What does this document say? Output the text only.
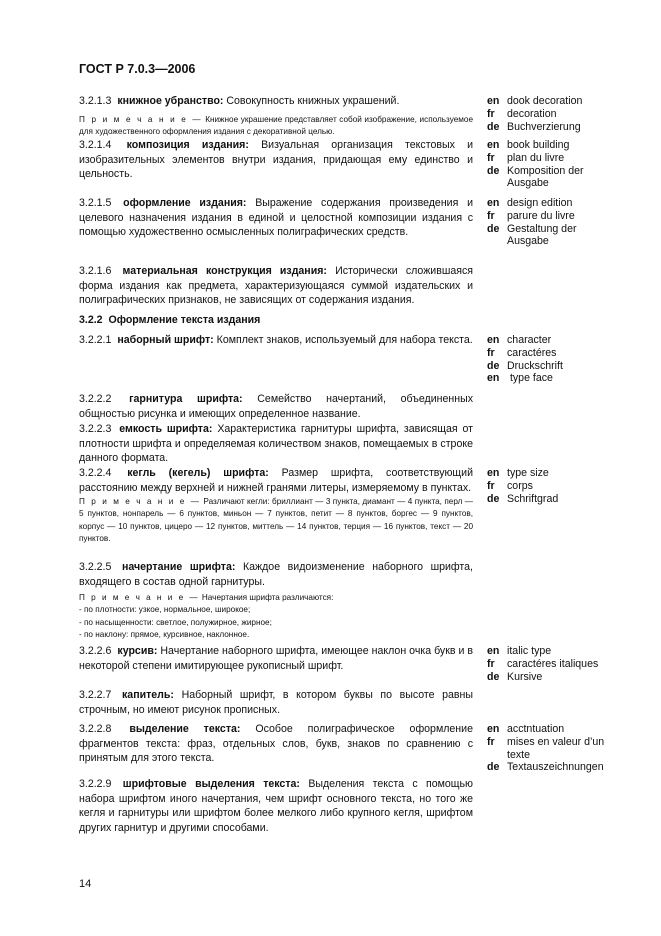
ГОСТ Р 7.0.3—2006
3.2.1.3 книжное убранство: Совокупность книжных украшений.
П р и м е ч а н и е — Книжное украшение представляет собой изображение, используемое для художественного оформления издания с декоративной целью.
3.2.1.4 композиция издания: Визуальная организация текстовых и изобразительных элементов внутри издания, придающая ему единство и цельность.
3.2.1.5 оформление издания: Выражение содержания произведения и целевого назначения издания в единой и целостной композиции издания с помощью художественно осмысленных полиграфических средств.
3.2.1.6 материальная конструкция издания: Исторически сложившаяся форма издания как предмета, характеризующаяся суммой издательских и полиграфических признаков, не зависящих от содержания издания.
3.2.2 Оформление текста издания
3.2.2.1 наборный шрифт: Комплект знаков, используемый для набора текста.
3.2.2.2 гарнитура шрифта: Семейство начертаний, объединенных общностью рисунка и имеющих определенное название.
3.2.2.3 емкость шрифта: Характеристика гарнитуры шрифта, зависящая от плотности шрифта и определяемая количеством знаков, помещаемых в строке данного формата.
3.2.2.4 кегль (кегель) шрифта: Размер шрифта, соответствующий расстоянию между верхней и нижней гранями литеры, измеряемому в пунктах.
П р и м е ч а н и е — Различают кегли: бриллиант — 3 пункта, диамант — 4 пункта, перл — 5 пунктов, нонпарель — 6 пунктов, миньон — 7 пунктов, петит — 8 пунктов, боргес — 9 пунктов, корпус — 10 пунктов, цицеро — 12 пунктов, миттель — 14 пунктов, терция — 16 пунктов, текст — 20 пунктов.
3.2.2.5 начертание шрифта: Каждое видоизменение наборного шрифта, входящего в состав одной гарнитуры.
П р и м е ч а н и е — Начертания шрифта различаются:
- по плотности: узкое, нормальное, широкое;
- по насыщенности: светлое, полужирное, жирное;
- по наклону: прямое, курсивное, наклонное.
3.2.2.6 курсив: Начертание наборного шрифта, имеющее наклон очка букв и в некоторой степени имитирующее рукописный шрифт.
3.2.2.7 капитель: Наборный шрифт, в котором буквы по высоте равны строчным, но имеют рисунок прописных.
3.2.2.8 выделение текста: Особое полиграфическое оформление фрагментов текста: фраз, отдельных слов, букв, знаков по сравнению с принятым для этого текста.
3.2.2.9 шрифтовые выделения текста: Выделения текста с помощью набора шрифтом иного начертания, чем шрифт основного текста, но того же кегля и гарнитуры или шрифтом более мелкого либо крупного кегля, шрифтом других гарнитур и другими способами.
en dook decoration
fr	decoration
de Buchverzierung
en book building
fr	plan du livre
de Komposition der Ausgabe
en design edition
fr	parure du livre
de Gestaltung der Ausgabe
en character
fr	caractéres
de Druckschrift
en type face
en type size
fr	corps
de Schriftgrad
en italic type
fr	caractéres italiques
de Kursive
en acctntuation
fr	mises en valeur d’un texte
de Textauszeichnungen
14
